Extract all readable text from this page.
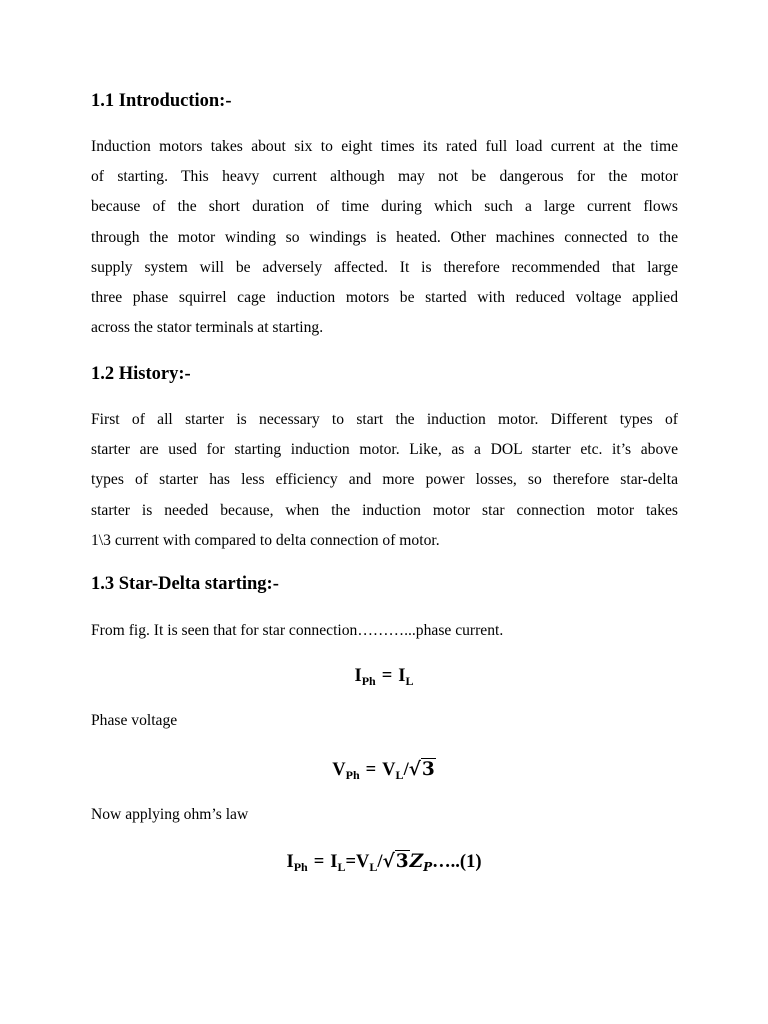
1.1 Introduction:-
Induction motors takes about six to eight times its rated full load current at the time
of starting. This heavy current although may not be dangerous for the motor
because of the short duration of time during which such a large current flows
through the motor winding so windings is heated. Other machines connected to the
supply system will be adversely affected. It is therefore recommended that large
three phase squirrel cage induction motors be started with reduced voltage applied
across the stator terminals at starting.
1.2 History:-
First of all starter is necessary to start the induction motor. Different types of
starter are used for starting induction motor. Like, as a DOL starter etc. it’s above
types of starter has less efficiency and more power losses, so therefore star-delta
starter is needed because, when the induction motor star connection motor takes
1\3 current with compared to delta connection of motor.
1.3 Star-Delta starting:-

From fig. It is seen that for star connection………...phase current.

$I_{Ph} = I_L$

Phase voltage

$V_{Ph} = V_L/√3$

Now applying ohm’s law

$I_{Ph}$ = $I_L=V_L/√3Z_P\dots..(1)$
